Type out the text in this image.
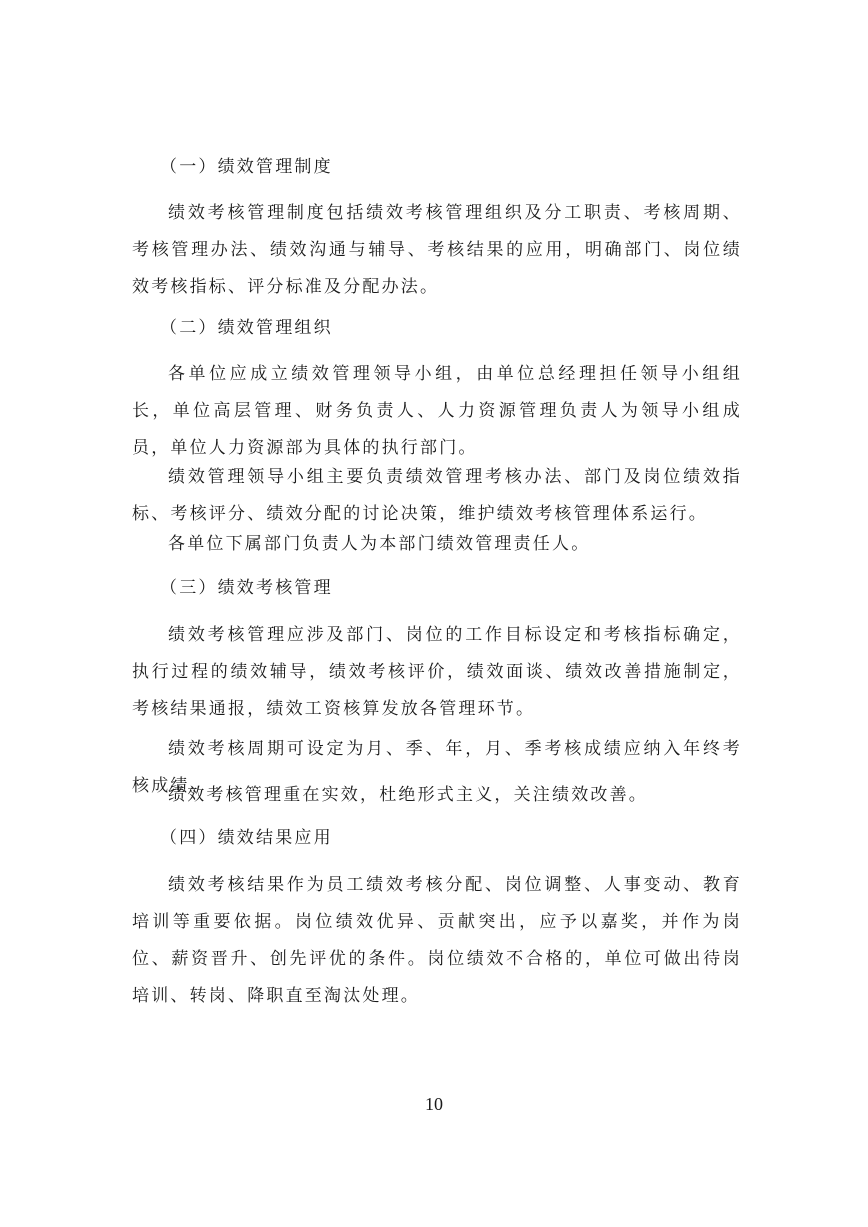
（一）绩效管理制度

绩效考核管理制度包括绩效考核管理组织及分工职责、考核周期、考核管理办法、绩效沟通与辅导、考核结果的应用，明确部门、岗位绩效考核指标、评分标准及分配办法。

（二）绩效管理组织

各单位应成立绩效管理领导小组，由单位总经理担任领导小组组长，单位高层管理、财务负责人、人力资源管理负责人为领导小组成员，单位人力资源部为具体的执行部门。

绩效管理领导小组主要负责绩效管理考核办法、部门及岗位绩效指标、考核评分、绩效分配的讨论决策，维护绩效考核管理体系运行。

各单位下属部门负责人为本部门绩效管理责任人。

（三）绩效考核管理

绩效考核管理应涉及部门、岗位的工作目标设定和考核指标确定，执行过程的绩效辅导，绩效考核评价，绩效面谈、绩效改善措施制定，考核结果通报，绩效工资核算发放各管理环节。

绩效考核周期可设定为月、季、年，月、季考核成绩应纳入年终考核成绩。

绩效考核管理重在实效，杜绝形式主义，关注绩效改善。

（四）绩效结果应用

绩效考核结果作为员工绩效考核分配、岗位调整、人事变动、教育培训等重要依据。岗位绩效优异、贡献突出，应予以嘉奖，并作为岗位、薪资晋升、创先评优的条件。岗位绩效不合格的，单位可做出待岗培训、转岗、降职直至淘汰处理。

10
